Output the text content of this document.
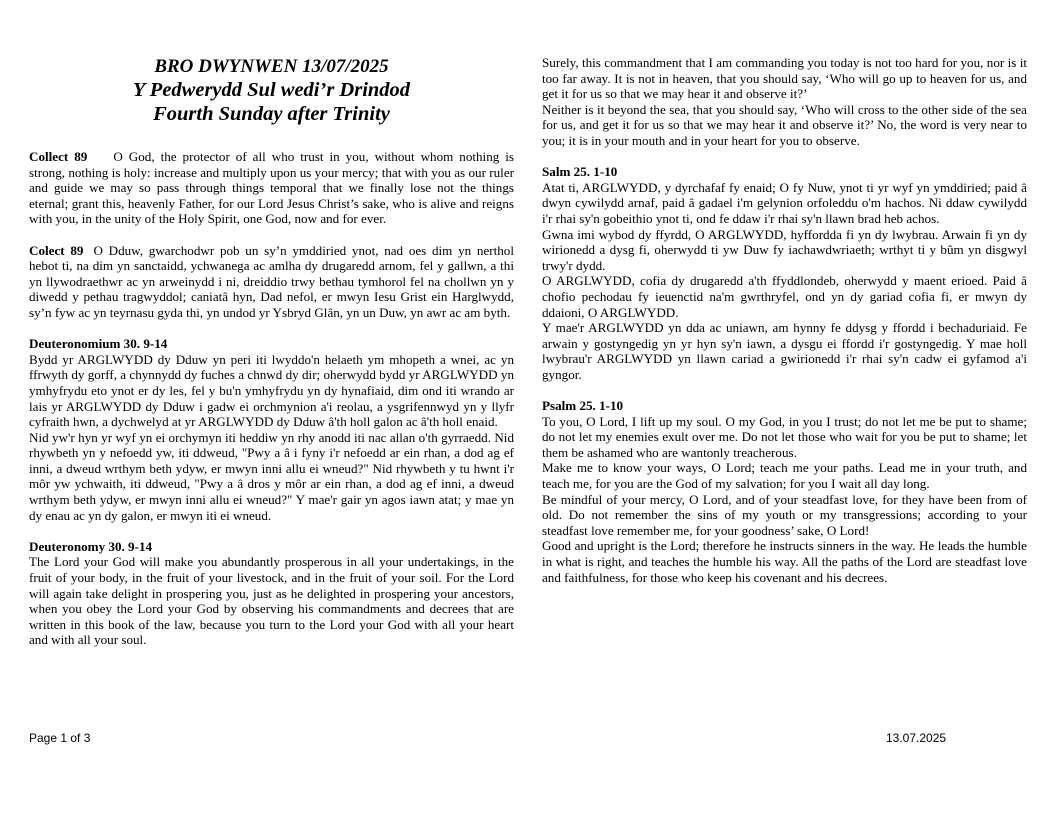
BRO DWYNWEN 13/07/2025
Y Pedwerydd Sul wedi’r Drindod
Fourth Sunday after Trinity

Collect 89 O God, the protector of all who trust in you, without whom nothing is strong, nothing is holy: increase and multiply upon us your mercy; that with you as our ruler and guide we may so pass through things temporal that we finally lose not the things eternal; grant this, heavenly Father, for our Lord Jesus Christ’s sake, who is alive and reigns with you, in the unity of the Holy Spirit, one God, now and for ever.

Colect 89 O Dduw, gwarchodwr pob un sy’n ymddiried ynot, nad oes dim yn nerthol hebot ti, na dim yn sanctaidd, ychwanega ac amlha dy drugaredd arnom, fel y gallwn, a thi yn llywodraethwr ac yn arweinydd i ni, dreiddio trwy bethau tymhorol fel na chollwn yn y diwedd y pethau tragwyddol; caniatâ hyn, Dad nefol, er mwyn Iesu Grist ein Harglwydd, sy’n fyw ac yn teyrnasu gyda thi, yn undod yr Ysbryd Glân, yn un Duw, yn awr ac am byth.

Deuteronomium 30. 9-14

Bydd yr ARGLWYDD dy Dduw yn peri iti lwyddo'n helaeth ym mhopeth a wnei, ac yn ffrwyth dy gorff, a chynnydd dy fuches a chnwd dy dir; oherwydd bydd yr ARGLWYDD yn ymhyfrydu eto ynot er dy les, fel y bu'n ymhyfrydu yn dy hynafiaid, dim ond iti wrando ar lais yr ARGLWYDD dy Dduw i gadw ei orchmynion a'i reolau, a ysgrifennwyd yn y llyfr cyfraith hwn, a dychwelyd at yr ARGLWYDD dy Dduw â'th holl galon ac â'th holl enaid.

Nid yw'r hyn yr wyf yn ei orchymyn iti heddiw yn rhy anodd iti nac allan o'th gyrraedd. Nid rhywbeth yn y nefoedd yw, iti ddweud, "Pwy a â i fyny i'r nefoedd ar ein rhan, a dod ag ef inni, a dweud wrthym beth ydyw, er mwyn inni allu ei wneud?" Nid rhywbeth y tu hwnt i'r môr yw ychwaith, iti ddweud, "Pwy a â dros y môr ar ein rhan, a dod ag ef inni, a dweud wrthym beth ydyw, er mwyn inni allu ei wneud?" Y mae'r gair yn agos iawn atat; y mae yn dy enau ac yn dy galon, er mwyn iti ei wneud.

Deuteronomy 30. 9-14

The Lord your God will make you abundantly prosperous in all your undertakings, in the fruit of your body, in the fruit of your livestock, and in the fruit of your soil. For the Lord will again take delight in prospering you, just as he delighted in prospering your ancestors, when you obey the Lord your God by observing his commandments and decrees that are written in this book of the law, because you turn to the Lord your God with all your heart and with all your soul.

Surely, this commandment that I am commanding you today is not too hard for you, nor is it too far away. It is not in heaven, that you should say, ‘Who will go up to heaven for us, and get it for us so that we may hear it and observe it?’

Neither is it beyond the sea, that you should say, ‘Who will cross to the other side of the sea for us, and get it for us so that we may hear it and observe it?’ No, the word is very near to you; it is in your mouth and in your heart for you to observe.

Salm 25. 1-10

Atat ti, ARGLWYDD, y dyrchafaf fy enaid; O fy Nuw, ynot ti yr wyf yn ymddiried; paid â dwyn cywilydd arnaf, paid â gadael i'm gelynion orfoleddu o'm hachos. Ni ddaw cywilydd i'r rhai sy'n gobeithio ynot ti, ond fe ddaw i'r rhai sy'n llawn brad heb achos.

Gwna imi wybod dy ffyrdd, O ARGLWYDD, hyfforddа fi yn dy lwybrau. Arwain fi yn dy wirionedd a dysg fi, oherwydd ti yw Duw fy iachawdwriaeth; wrthyt ti y bûm yn disgwyl trwy'r dydd.

O ARGLWYDD, cofia dy drugaredd a'th ffyddlondeb, oherwydd y maent erioed. Paid â chofio pechodau fy ieuenctid na'm gwrthryfel, ond yn dy gariad cofia fi, er mwyn dy ddaioni, O ARGLWYDD.

Y mae'r ARGLWYDD yn dda ac uniawn, am hynny fe ddysg y ffordd i bechaduriaid. Fe arwain y gostyngedig yn yr hyn sy'n iawn, a dysgu ei ffordd i'r gostyngedig. Y mae holl lwybrau'r ARGLWYDD yn llawn cariad a gwirionedd i'r rhai sy'n cadw ei gyfamod a'i gyngor.

Psalm 25. 1-10

To you, O Lord, I lift up my soul. O my God, in you I trust; do not let me be put to shame; do not let my enemies exult over me. Do not let those who wait for you be put to shame; let them be ashamed who are wantonly treacherous.

Make me to know your ways, O Lord; teach me your paths. Lead me in your truth, and teach me, for you are the God of my salvation; for you I wait all day long.

Be mindful of your mercy, O Lord, and of your steadfast love, for they have been from of old. Do not remember the sins of my youth or my transgressions; according to your steadfast love remember me, for your goodness’ sake, O Lord!

Good and upright is the Lord; therefore he instructs sinners in the way. He leads the humble in what is right, and teaches the humble his way. All the paths of the Lord are steadfast love and faithfulness, for those who keep his covenant and his decrees.

Page 1 of 3	13.07.2025
